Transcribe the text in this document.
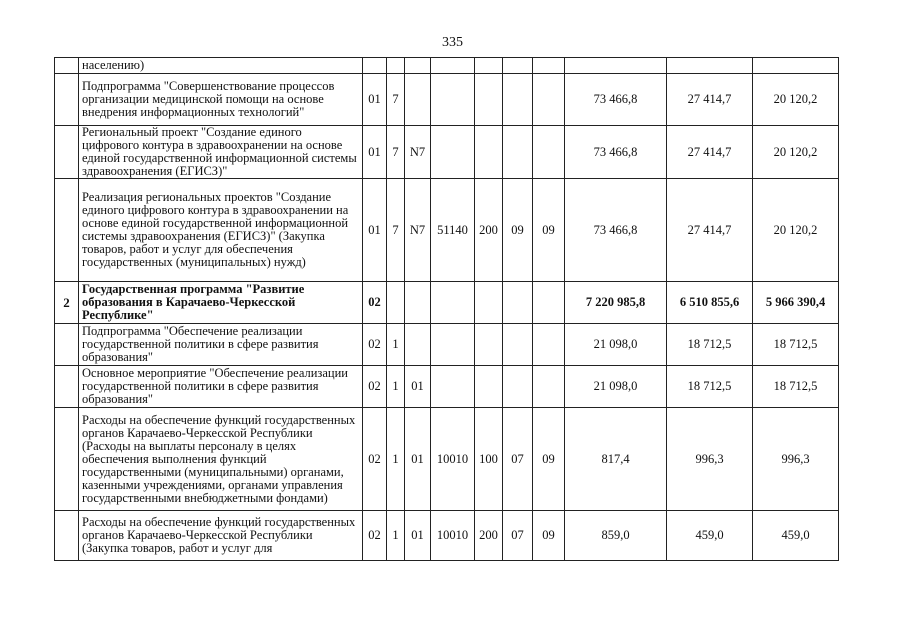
335
	населению)										
	Подпрограмма "Совершенствование процессов организации медицинской помощи на основе внедрения информационных технологий"	01	7						73 466,8	27 414,7	20 120,2
	Региональный проект "Создание единого цифрового контура в здравоохранении на основе единой государственной информационной системы здравоохранения (ЕГИСЗ)"	01	7	N7					73 466,8	27 414,7	20 120,2
	Реализация региональных проектов "Создание единого цифрового контура в здравоохранении на основе единой государственной информационной системы здравоохранения (ЕГИСЗ)" (Закупка товаров, работ и услуг для обеспечения государственных (муниципальных) нужд)	01	7	N7	51140	200	09	09	73 466,8	27 414,7	20 120,2
2	Государственная программа "Развитие образования в Карачаево-Черкесской Республике"	02							7 220 985,8	6 510 855,6	5 966 390,4
	Подпрограмма "Обеспечение реализации государственной политики в сфере развития образования"	02	1						21 098,0	18 712,5	18 712,5
	Основное мероприятие "Обеспечение реализации государственной политики в сфере развития образования"	02	1	01					21 098,0	18 712,5	18 712,5
	Расходы на обеспечение функций государственных органов Карачаево-Черкесской Республики (Расходы на выплаты персоналу в целях обеспечения выполнения функций государственными (муниципальными) органами, казенными учреждениями, органами управления государственными внебюджетными фондами)	02	1	01	10010	100	07	09	817,4	996,3	996,3
	Расходы на обеспечение функций государственных органов Карачаево-Черкесской Республики (Закупка товаров, работ и услуг для	02	1	01	10010	200	07	09	859,0	459,0	459,0
